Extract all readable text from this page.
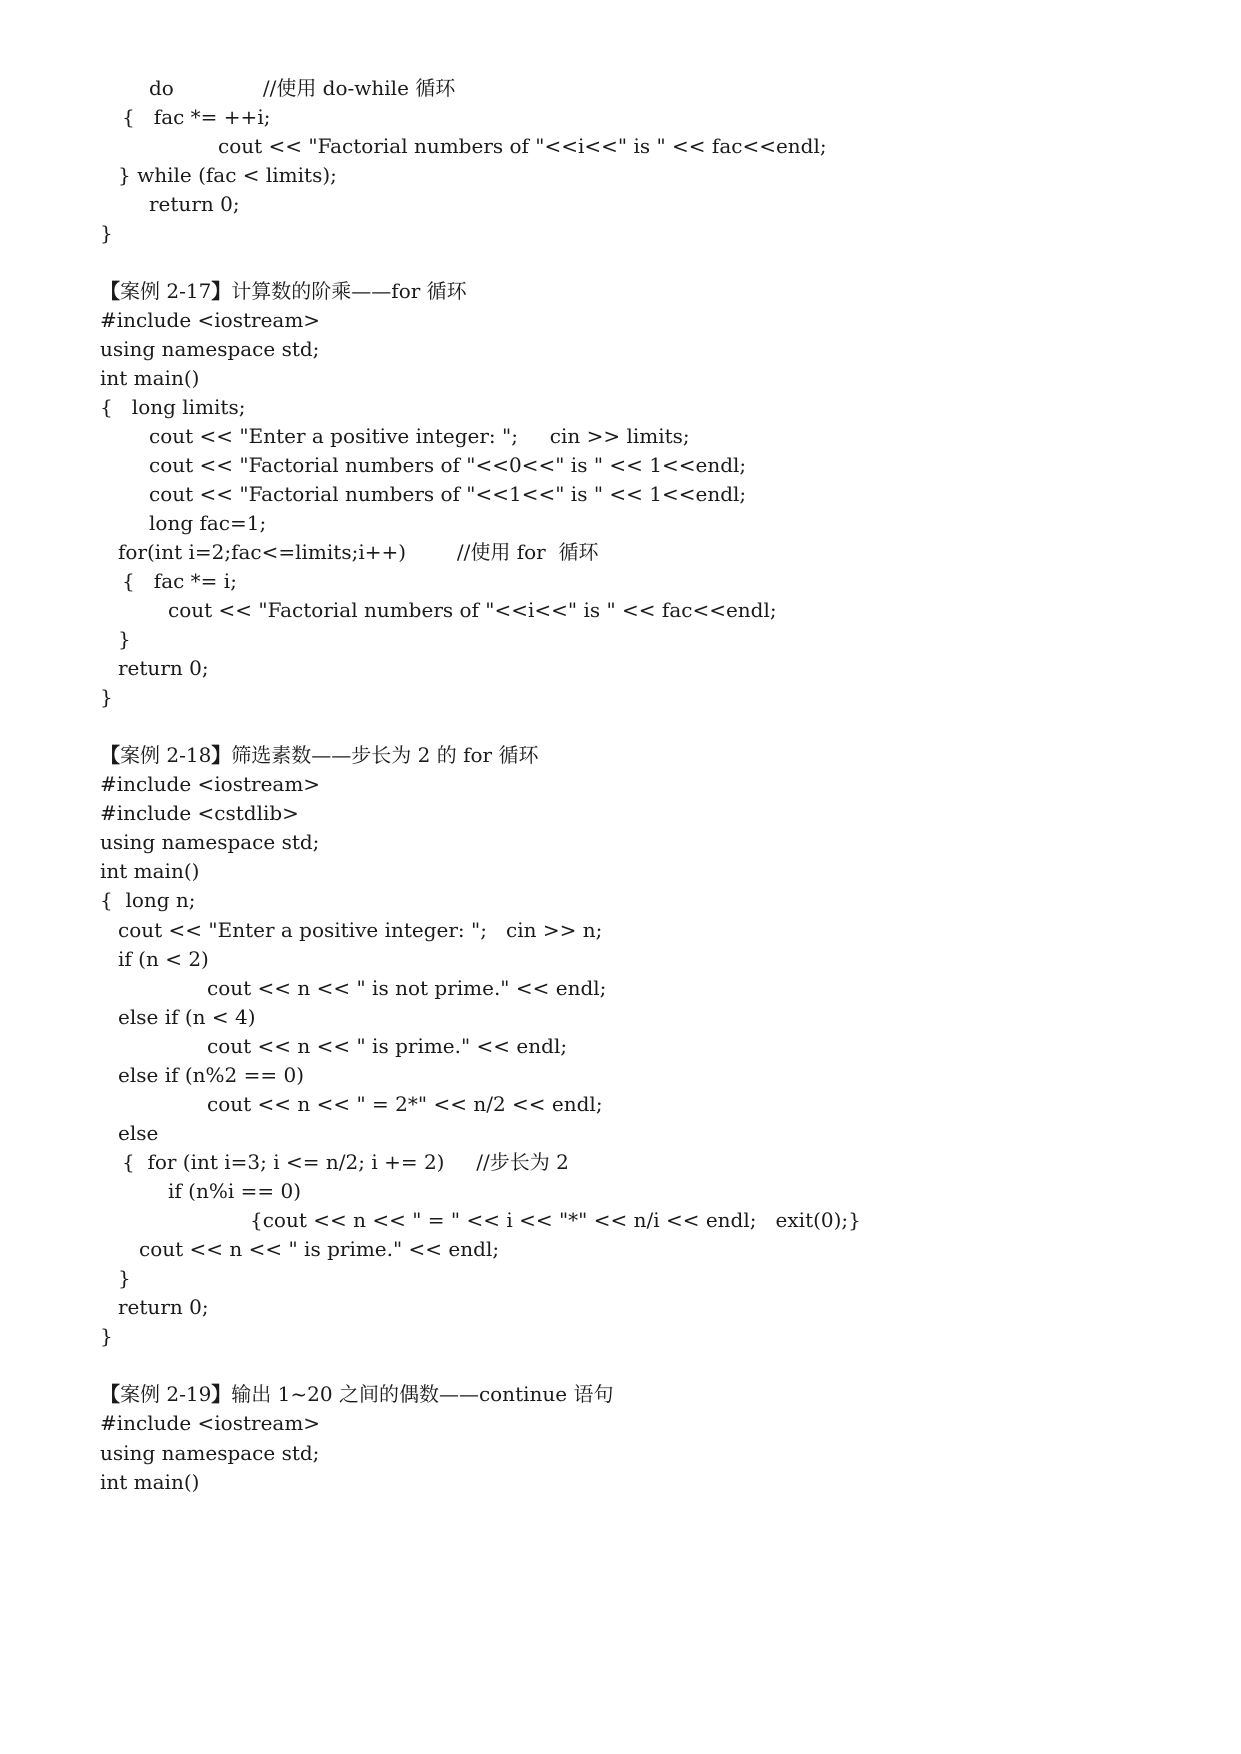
do              //使用 do-while 循环
{   fac *= ++i;
cout << "Factorial numbers of "<<i<<" is " << fac<<endl;
} while (fac < limits);
return 0;
}
【案例 2-17】计算数的阶乘——for 循环
#include <iostream>
using namespace std;
int main()
{   long limits;
cout << "Enter a positive integer: ";     cin >> limits;
cout << "Factorial numbers of "<<0<<" is " << 1<<endl;
cout << "Factorial numbers of "<<1<<" is " << 1<<endl;
long fac=1;
for(int i=2;fac<=limits;i++)        //使用 for  循环
{   fac *= i;
cout << "Factorial numbers of "<<i<<" is " << fac<<endl;
}
return 0;
}
【案例 2-18】筛选素数——步长为 2 的 for 循环
#include <iostream>
#include <cstdlib>
using namespace std;
int main()
{  long n;
cout << "Enter a positive integer: ";   cin >> n;
if (n < 2)
cout << n << " is not prime." << endl;
else if (n < 4)
cout << n << " is prime." << endl;
else if (n%2 == 0)
cout << n << " = 2*" << n/2 << endl;
else
{  for (int i=3; i <= n/2; i += 2)     //步长为 2
if (n%i == 0)
{cout << n << " = " << i << "*" << n/i << endl;   exit(0);}
cout << n << " is prime." << endl;
}
return 0;
}
【案例 2-19】输出 1~20 之间的偶数——continue 语句
#include <iostream>
using namespace std;
int main()
